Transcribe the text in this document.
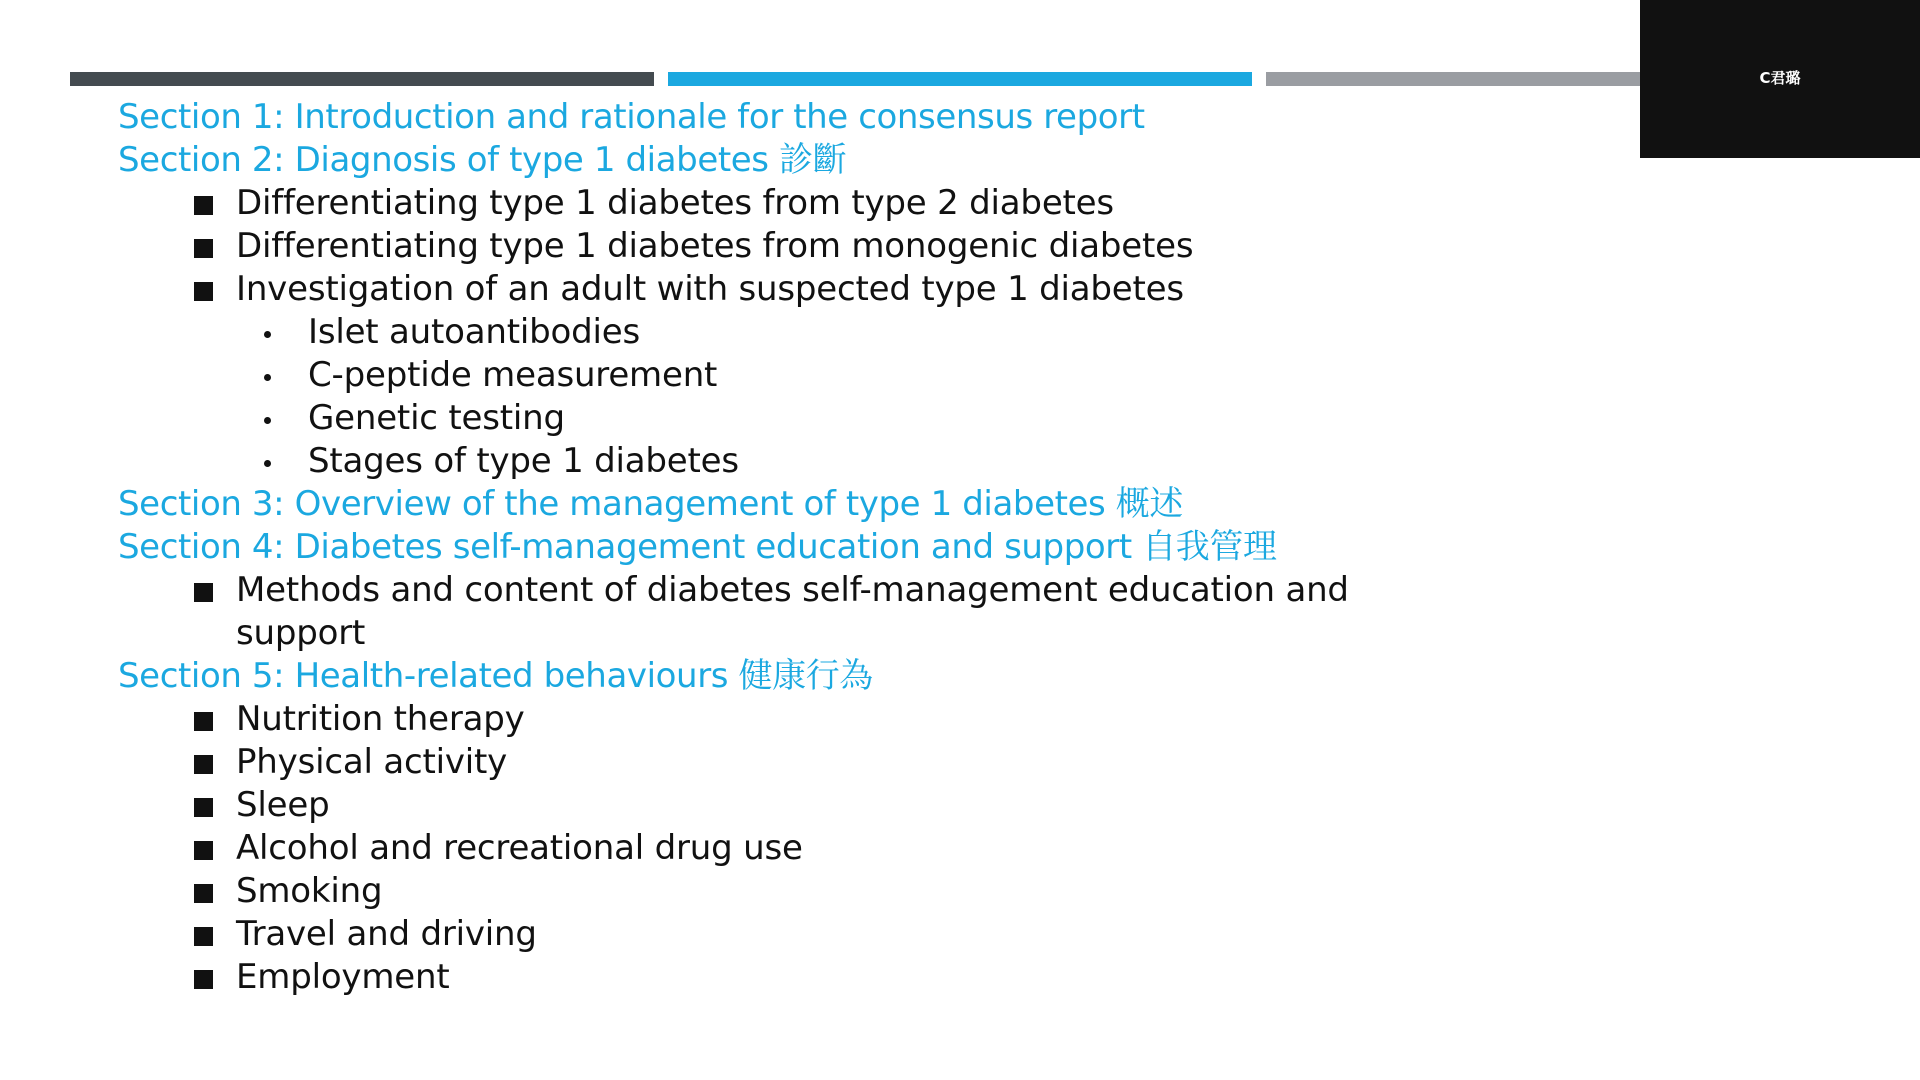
C君璐
Section 1: Introduction and rationale for the consensus report
Section 2: Diagnosis of type 1 diabetes 診斷
Differentiating type 1 diabetes from type 2 diabetes
Differentiating type 1 diabetes from monogenic diabetes
Investigation of an adult with suspected type 1 diabetes
Islet autoantibodies
C-peptide measurement
Genetic testing
Stages of type 1 diabetes
Section 3: Overview of the management of type 1 diabetes 概述
Section 4: Diabetes self-management education and support 自我管理
Methods and content of diabetes self-management education and support
Section 5: Health-related behaviours 健康行為
Nutrition therapy
Physical activity
Sleep
Alcohol and recreational drug use
Smoking
Travel and driving
Employment
